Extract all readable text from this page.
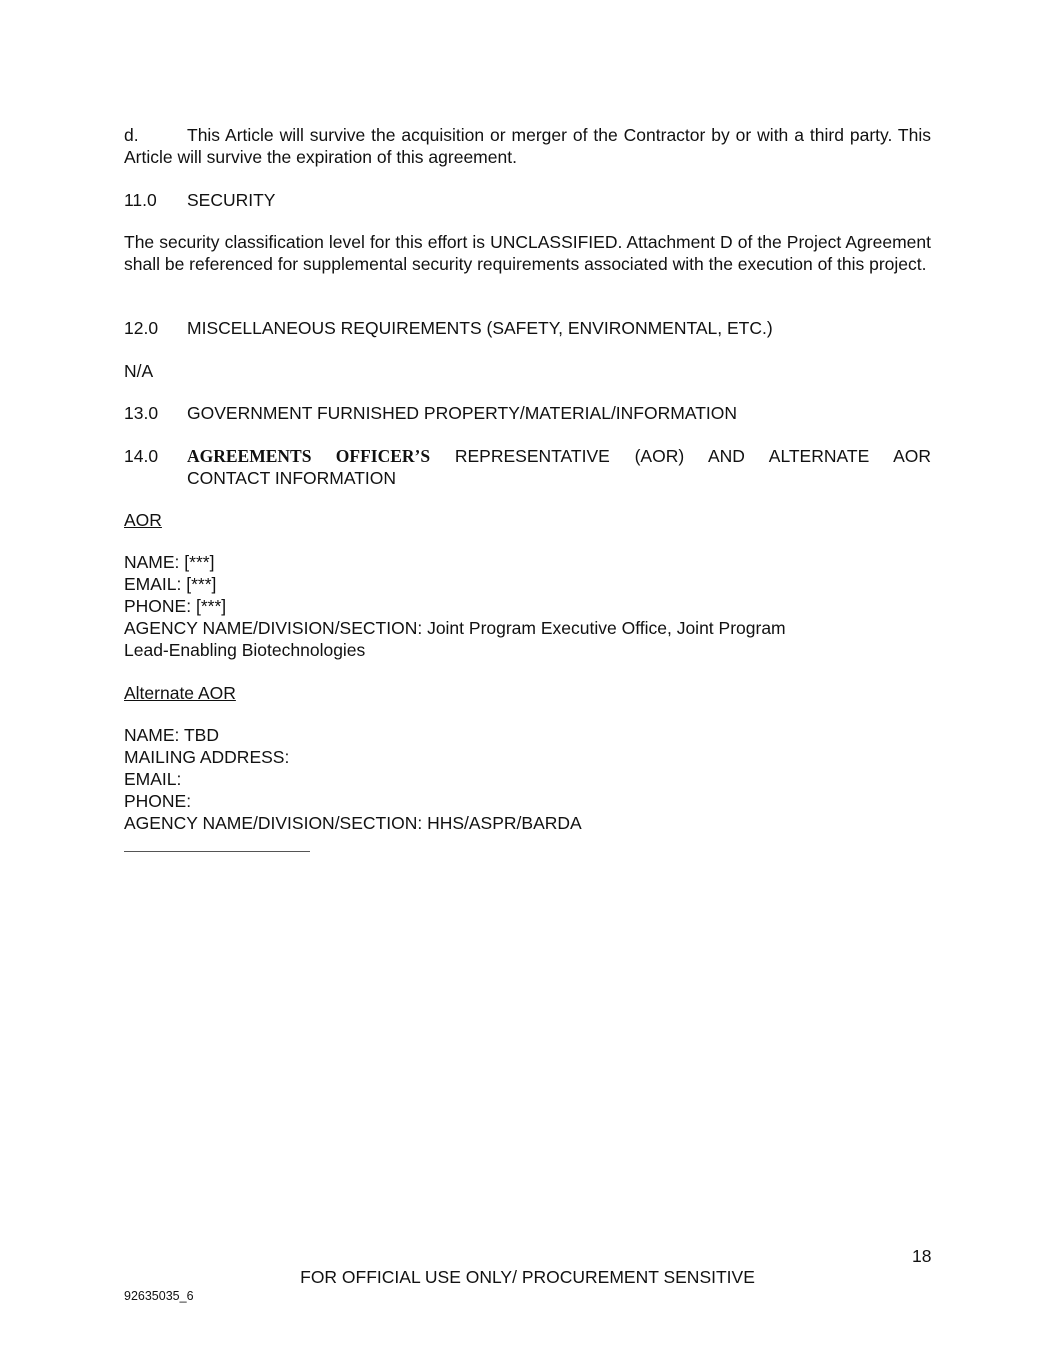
d.	This Article will survive the acquisition or merger of the Contractor by or with a third party. This
Article will survive the expiration of this agreement.
11.0 SECURITY
The security classification level for this effort is UNCLASSIFIED. Attachment D of the Project Agreement shall be referenced for supplemental security requirements associated with the execution of this project.
12.0 MISCELLANEOUS REQUIREMENTS (SAFETY, ENVIRONMENTAL, ETC.)
N/A
13.0 GOVERNMENT FURNISHED PROPERTY/MATERIAL/INFORMATION
14.0 AGREEMENTS OFFICER’S REPRESENTATIVE (AOR) AND ALTERNATE AOR
CONTACT INFORMATION
AOR
NAME: [***]
EMAIL: [***]
PHONE: [***]
AGENCY NAME/DIVISION/SECTION: Joint Program Executive Office, Joint Program
Lead-Enabling Biotechnologies
Alternate AOR
NAME: TBD
MAILING ADDRESS:
EMAIL:
PHONE:
AGENCY NAME/DIVISION/SECTION: HHS/ASPR/BARDA
18
FOR OFFICIAL USE ONLY/ PROCUREMENT SENSITIVE
92635035_6
